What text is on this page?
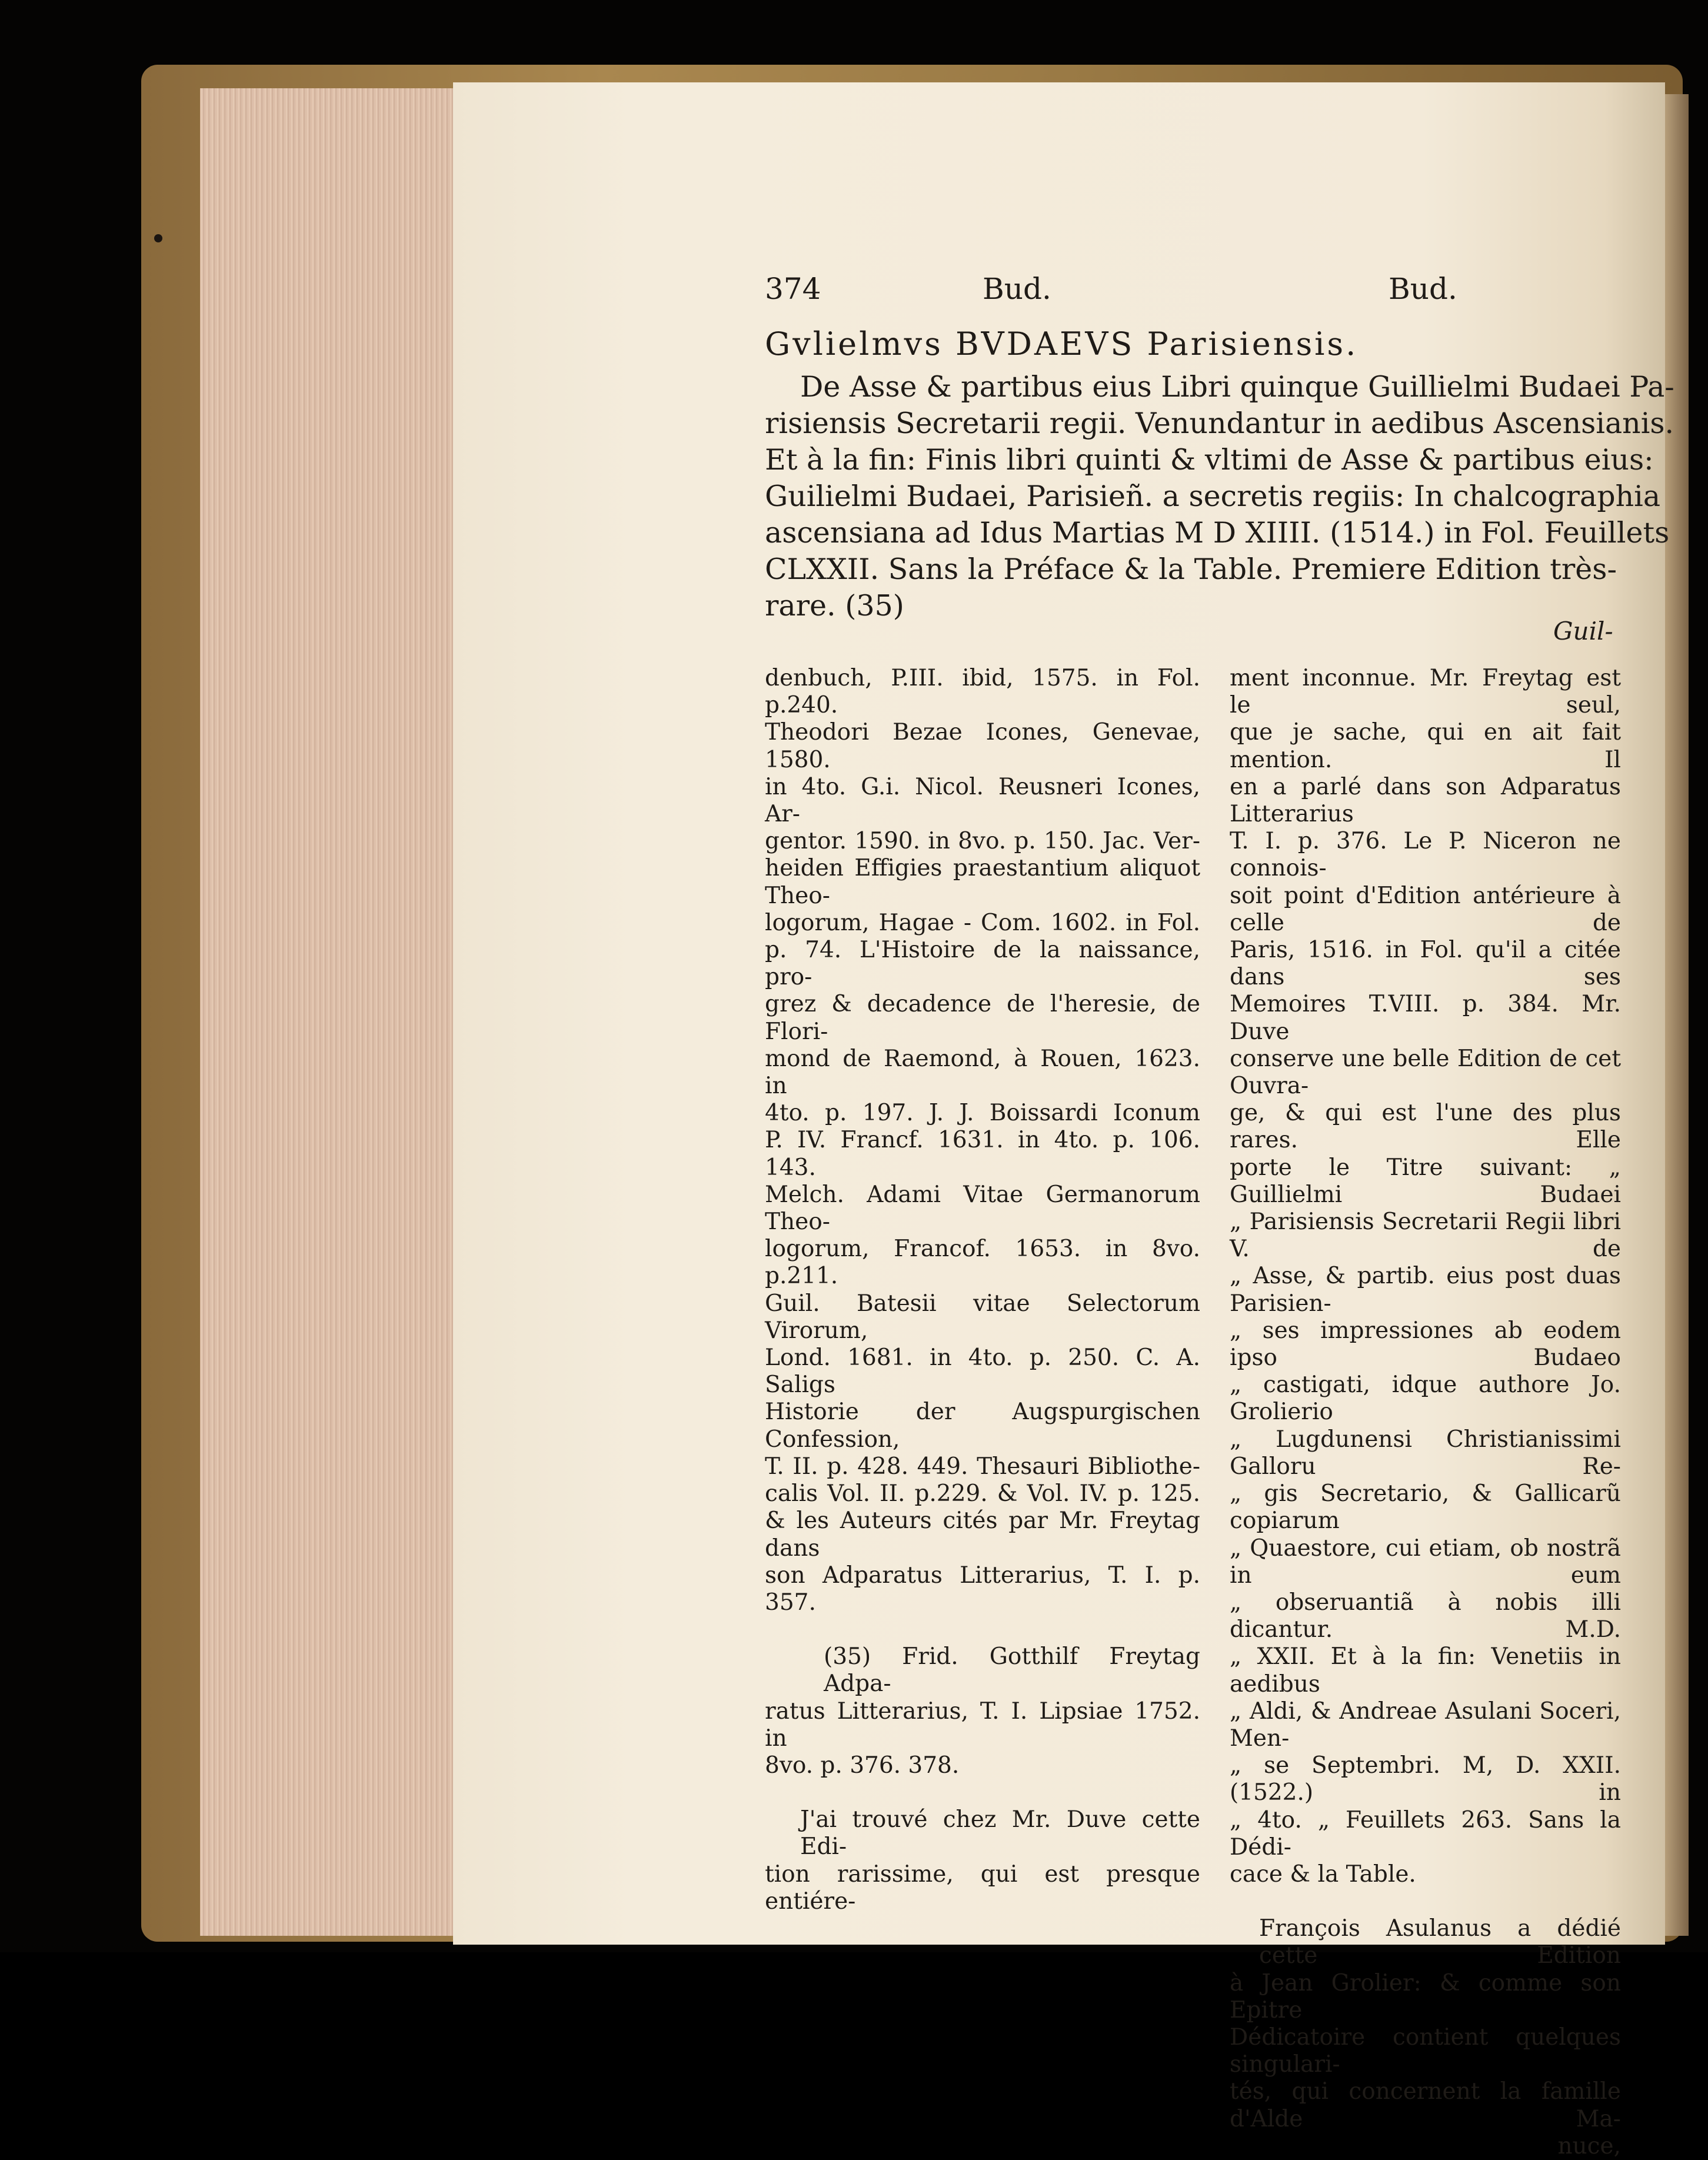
374	Bud.	Bud.
Gvlielmvs BVDAEVS Parisiensis.
De Asse & partibus eius Libri quinque Guillielmi Budaei Pa-
risiensis Secretarii regii. Venundantur in aedibus Ascensianis.
Et à la fin: Finis libri quinti & vltimi de Asse & partibus eius:
Guilielmi Budaei, Parisieñ. a secretis regiis: In chalcographia
ascensiana ad Idus Martias M D XIIII. (1514.) in Fol. Feuillets
CLXXII. Sans la Préface & la Table. Premiere Edition très-
rare. (35)
Guil-

denbuch, P.III. ibid, 1575. in Fol. p.240.

Theodori Bezae Icones, Genevae, 1580.

in 4to. G.i. Nicol. Reusneri Icones, Ar-

gentor. 1590. in 8vo. p. 150. Jac. Ver-

heiden Effigies praestantium aliquot Theo-

logorum, Hagae - Com. 1602. in Fol.

p. 74. L'Histoire de la naissance, pro-

grez & decadence de l'heresie, de Flori-

mond de Raemond, à Rouen, 1623. in

4to. p. 197. J. J. Boissardi Iconum

P. IV. Francf. 1631. in 4to. p. 106. 143.

Melch. Adami Vitae Germanorum Theo-

logorum, Francof. 1653. in 8vo. p.211.

Guil. Batesii vitae Selectorum Virorum,

Lond. 1681. in 4to. p. 250. C. A. Saligs

Historie der Augspurgischen Confession,

T. II. p. 428. 449. Thesauri Bibliothe-

calis Vol. II. p.229. & Vol. IV. p. 125.

& les Auteurs cités par Mr. Freytag dans

son Adparatus Litterarius, T. I. p. 357.

(35) Frid. Gotthilf Freytag Adpa-

ratus Litterarius, T. I. Lipsiae 1752. in

8vo. p. 376. 378.

J'ai trouvé chez Mr. Duve cette Edi-

tion rarissime, qui est presque entiére-

ment inconnue. Mr. Freytag est le seul,

que je sache, qui en ait fait mention. Il

en a parlé dans son Adparatus Litterarius

T. I. p. 376. Le P. Niceron ne connois-

soit point d'Edition antérieure à celle de

Paris, 1516. in Fol. qu'il a citée dans ses

Memoires T.VIII. p. 384. Mr. Duve

conserve une belle Edition de cet Ouvra-

ge, & qui est l'une des plus rares. Elle

porte le Titre suivant: „ Guillielmi Budaei

„ Parisiensis Secretarii Regii libri V. de

„ Asse, & partib. eius post duas Parisien-

„ ses impressiones ab eodem ipso Budaeo

„ castigati, idque authore Jo. Grolierio

„ Lugdunensi Christianissimi Galloru Re-

„ gis Secretario, & Gallicarũ copiarum

„ Quaestore, cui etiam, ob nostrã in eum

„ obseruantiã à nobis illi dicantur. M.D.

„ XXII. Et à la fin: Venetiis in aedibus

„ Aldi, & Andreae Asulani Soceri, Men-

„ se Septembri. M, D. XXII. (1522.) in

„ 4to. „ Feuillets 263. Sans la Dédi-

cace & la Table.

François Asulanus a dédié cette Edition

à Jean Grolier: & comme son Epitre

Dédicatoire contient quelques singulari-

tés, qui concernent la famille d'Alde Ma-

nuce,
